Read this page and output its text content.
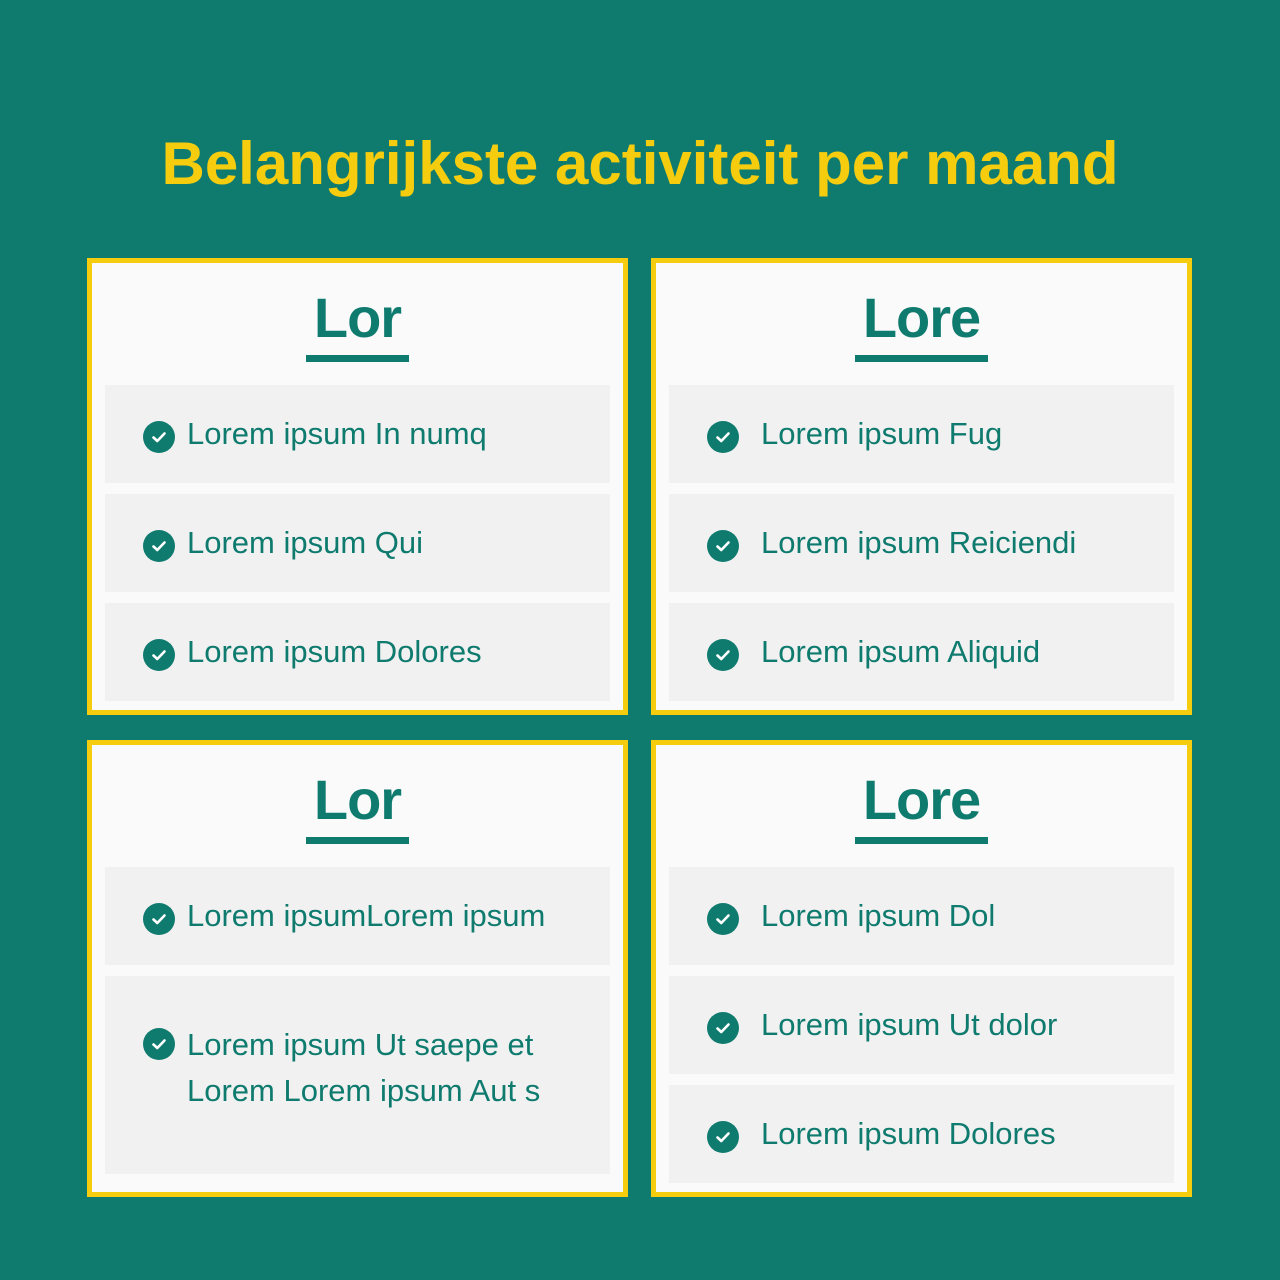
Belangrijkste activiteit per maand
Lor
Lorem ipsum In numq
Lorem ipsum Qui
Lorem ipsum Dolores
Lore
Lorem ipsum Fug
Lorem ipsum Reiciendi
Lorem ipsum Aliquid
Lor
Lorem ipsumLorem ipsum
Lorem ipsum Ut saepe et
Lorem Lorem ipsum Aut s
Lore
Lorem ipsum Dol
Lorem ipsum Ut dolor
Lorem ipsum Dolores
